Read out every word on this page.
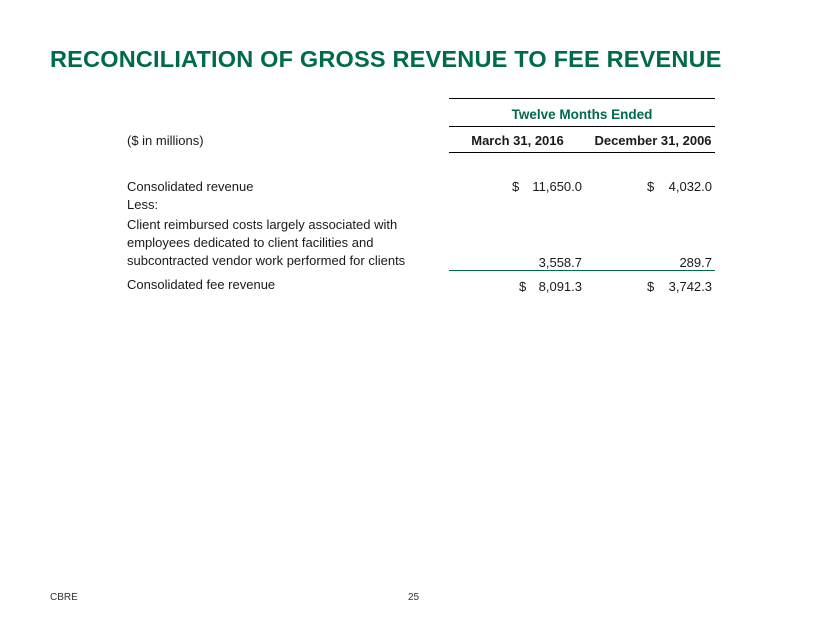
RECONCILIATION OF GROSS REVENUE TO FEE REVENUE
Twelve Months Ended
($ in millions)	March 31, 2016	December 31, 2006
Consolidated revenue	$	11,650.0	$	4,032.0
Less:
Client reimbursed costs largely associated with
employees dedicated to client facilities and
subcontracted vendor work performed for clients	3,558.7	289.7
Consolidated fee revenue	$ 8,091.3	$	3,742.3
CBRE	25
